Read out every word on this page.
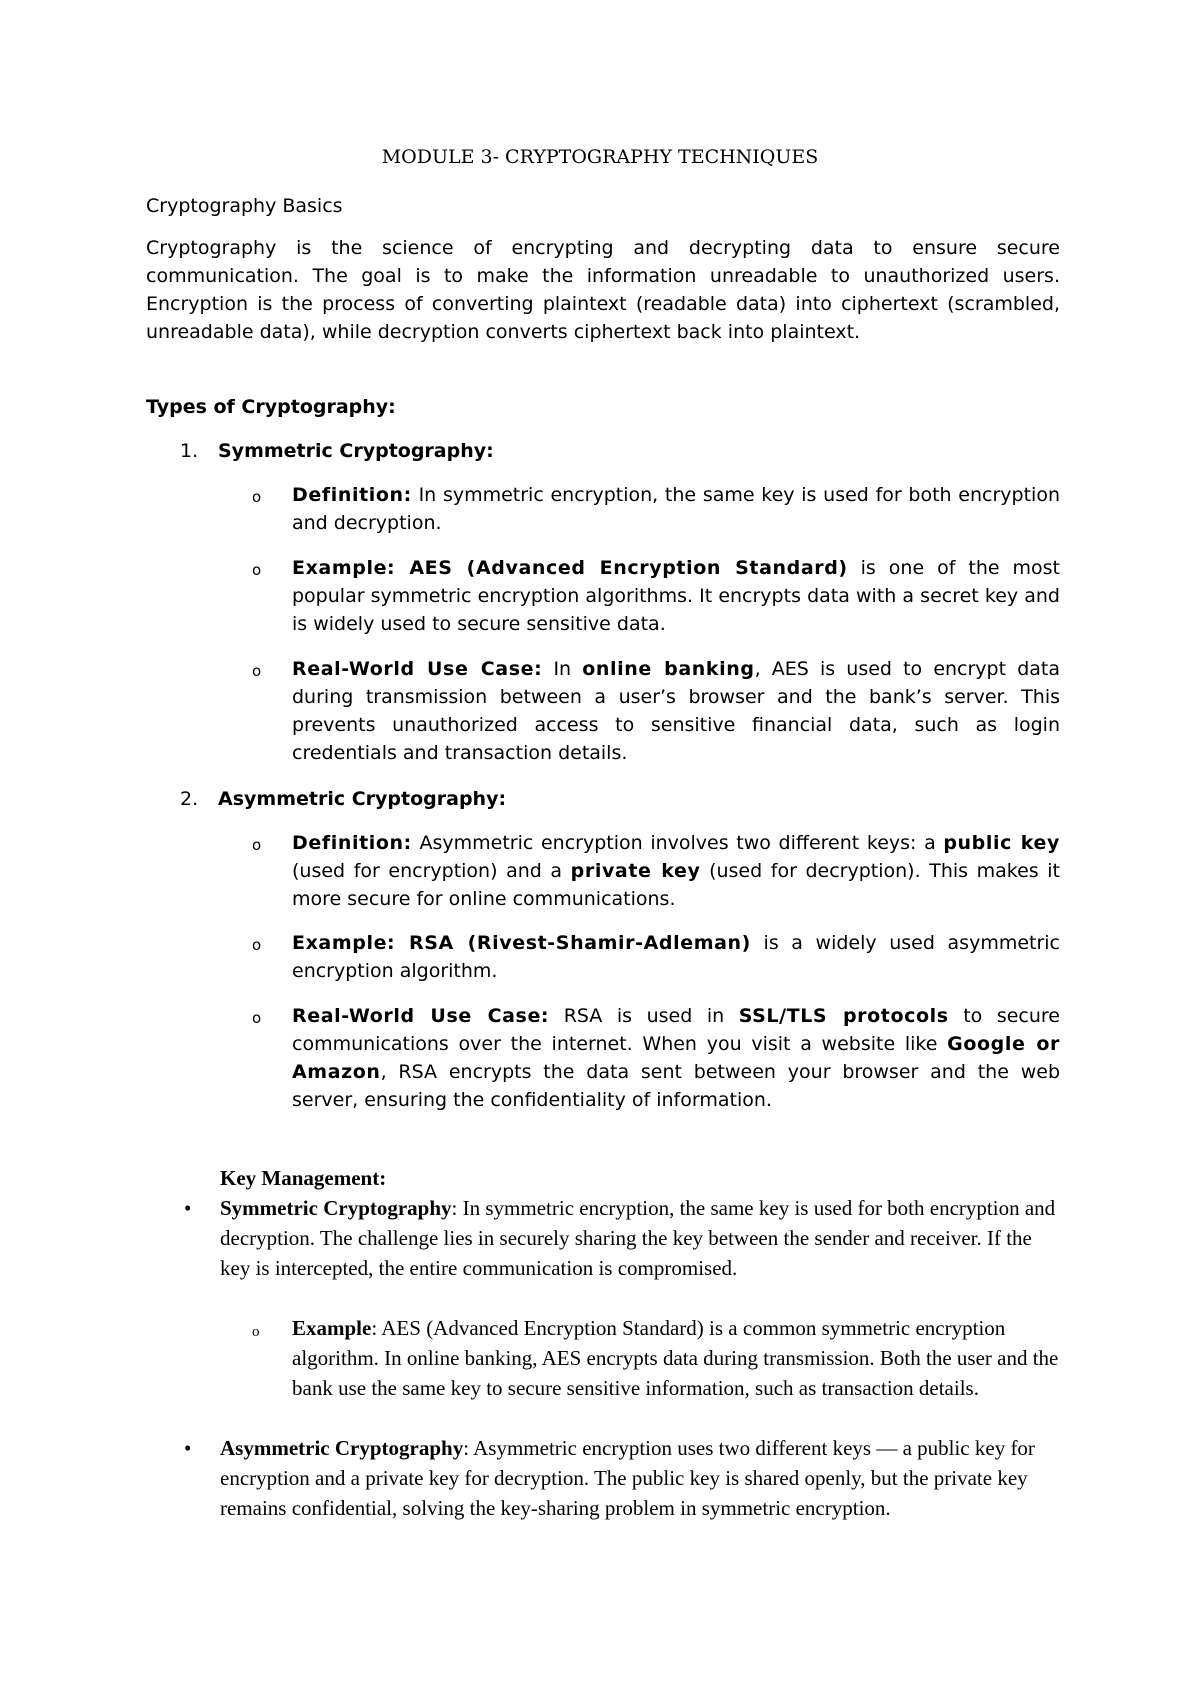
MODULE 3- CRYPTOGRAPHY TECHNIQUES
Cryptography Basics

Cryptography is the science of encrypting and decrypting data to ensure secure communication. The goal is to make the information unreadable to unauthorized users. Encryption is the process of converting plaintext (readable data) into ciphertext (scrambled, unreadable data), while decryption converts ciphertext back into plaintext.

Types of Cryptography:
1. Symmetric Cryptography:
o Definition: In symmetric encryption, the same key is used for both encryption and decryption.
o Example: AES (Advanced Encryption Standard) is one of the most popular symmetric encryption algorithms. It encrypts data with a secret key and is widely used to secure sensitive data.
o Real-World Use Case: In online banking, AES is used to encrypt data during transmission between a user’s browser and the bank’s server. This prevents unauthorized access to sensitive financial data, such as login credentials and transaction details.
2. Asymmetric Cryptography:
o Definition: Asymmetric encryption involves two different keys: a public key (used for encryption) and a private key (used for decryption). This makes it more secure for online communications.
o Example: RSA (Rivest-Shamir-Adleman) is a widely used asymmetric encryption algorithm.
o Real-World Use Case: RSA is used in SSL/TLS protocols to secure communications over the internet. When you visit a website like Google or Amazon, RSA encrypts the data sent between your browser and the web server, ensuring the confidentiality of information.
Key Management:
• Symmetric Cryptography: In symmetric encryption, the same key is used for both encryption and decryption. The challenge lies in securely sharing the key between the sender and receiver. If the key is intercepted, the entire communication is compromised.
o Example: AES (Advanced Encryption Standard) is a common symmetric encryption algorithm. In online banking, AES encrypts data during transmission. Both the user and the bank use the same key to secure sensitive information, such as transaction details.
• Asymmetric Cryptography: Asymmetric encryption uses two different keys — a public key for encryption and a private key for decryption. The public key is shared openly, but the private key remains confidential, solving the key-sharing problem in symmetric encryption.
